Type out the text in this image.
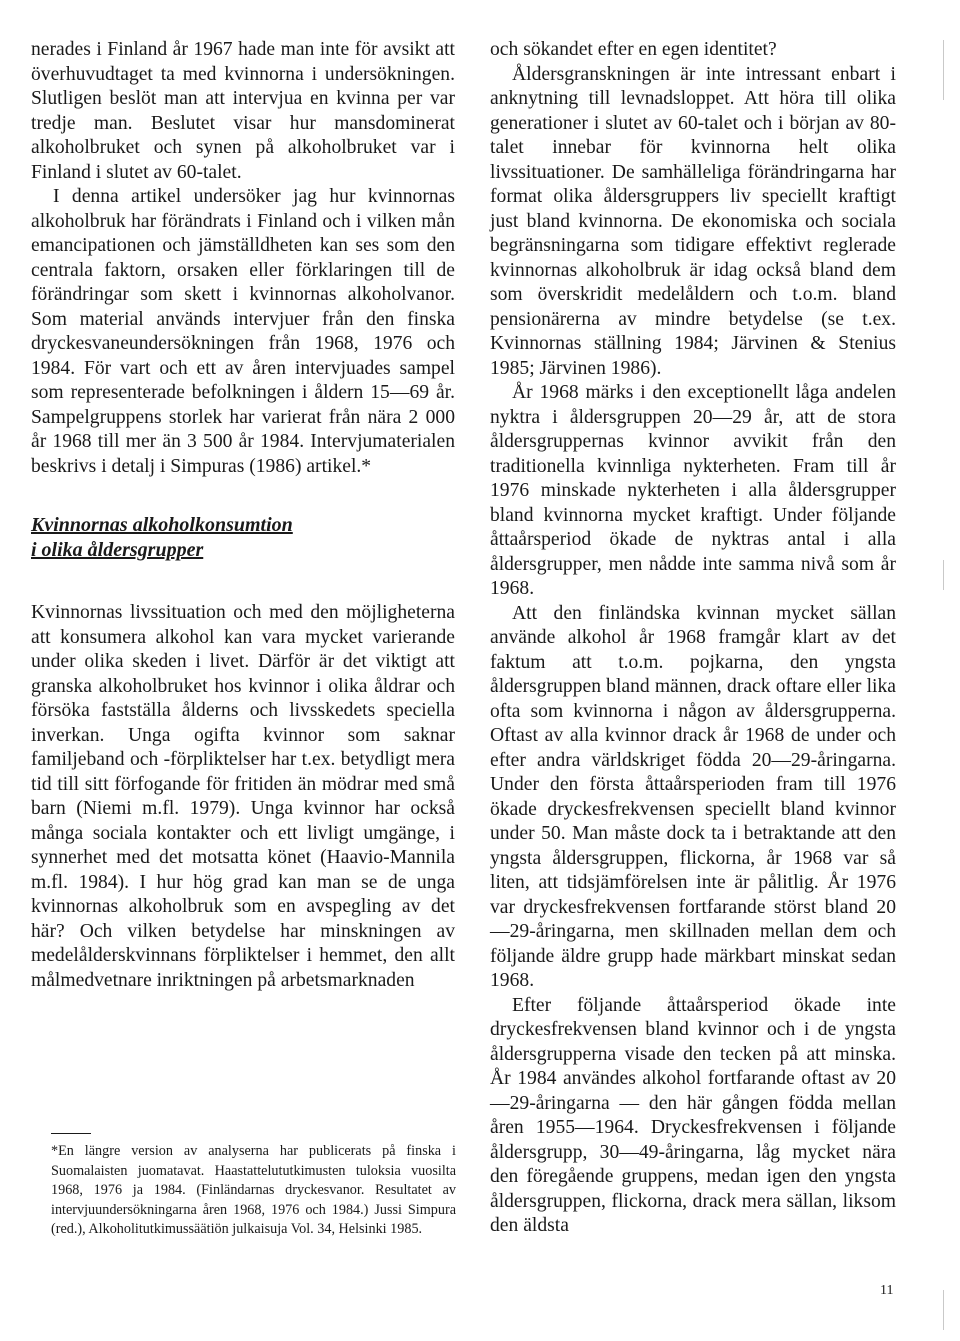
nerades i Finland år 1967 hade man inte för avsikt att överhuvudtaget ta med kvinnorna i undersökningen. Slutligen beslöt man att intervjua en kvinna per var tredje man. Beslutet visar hur mansdominerat alkoholbruket och synen på alkoholbruket var i Finland i slutet av 60-talet.

I denna artikel undersöker jag hur kvinnornas alkoholbruk har förändrats i Finland och i vilken mån emancipationen och jämställdheten kan ses som den centrala faktorn, orsaken eller förklaringen till de förändringar som skett i kvinnornas alkoholvanor. Som material används intervjuer från den finska dryckesvaneundersökningen från 1968, 1976 och 1984. För vart och ett av åren intervjuades sampel som representerade befolkningen i åldern 15—69 år. Sampelgruppens storlek har varierat från nära 2 000 år 1968 till mer än 3 500 år 1984. Intervjumaterialen beskrivs i detalj i Simpuras (1986) artikel.*

Kvinnornas alkoholkonsumtion
i olika åldersgrupper

Kvinnornas livssituation och med den möjligheterna att konsumera alkohol kan vara mycket varierande under olika skeden i livet. Därför är det viktigt att granska alkoholbruket hos kvinnor i olika åldrar och försöka fastställa ålderns och livsskedets speciella inverkan. Unga ogifta kvinnor som saknar familjeband och -förpliktelser har t.ex. betydligt mera tid till sitt förfogande för fritiden än mödrar med små barn (Niemi m.fl. 1979). Unga kvinnor har också många sociala kontakter och ett livligt umgänge, i synnerhet med det motsatta könet (Haavio-Mannila m.fl. 1984). I hur hög grad kan man se de unga kvinnornas alkoholbruk som en avspegling av det här? Och vilken betydelse har minskningen av medelålderskvinnans förpliktelser i hemmet, den allt målmedvetnare inriktningen på arbetsmarknaden

*En längre version av analyserna har publicerats på finska i Suomalaisten juomatavat. Haastattelututkimusten tuloksia vuosilta 1968, 1976 ja 1984. (Finländarnas dryckesvanor. Resultatet av intervjuundersökningarna åren 1968, 1976 och 1984.) Jussi Simpura (red.), Alkoholitutkimussäätiön julkaisuja Vol. 34, Helsinki 1985.

och sökandet efter en egen identitet?

Åldersgranskningen är inte intressant enbart i anknytning till levnadsloppet. Att höra till olika generationer i slutet av 60-talet och i början av 80-talet innebar för kvinnorna helt olika livssituationer. De samhälleliga förändringarna har format olika åldersgruppers liv speciellt kraftigt just bland kvinnorna. De ekonomiska och sociala begränsningarna som tidigare effektivt reglerade kvinnornas alkoholbruk är idag också bland dem som överskridit medelåldern och t.o.m. bland pensionärerna av mindre betydelse (se t.ex. Kvinnornas ställning 1984; Järvinen & Stenius 1985; Järvinen 1986).

År 1968 märks i den exceptionellt låga andelen nyktra i åldersgruppen 20—29 år, att de stora åldersgruppernas kvinnor avvikit från den traditionella kvinnliga nykterheten. Fram till år 1976 minskade nykterheten i alla åldersgrupper bland kvinnorna mycket kraftigt. Under följande åttaårsperiod ökade de nyktras antal i alla åldersgrupper, men nådde inte samma nivå som år 1968.

Att den finländska kvinnan mycket sällan använde alkohol år 1968 framgår klart av det faktum att t.o.m. pojkarna, den yngsta åldersgruppen bland männen, drack oftare eller lika ofta som kvinnorna i någon av åldersgrupperna. Oftast av alla kvinnor drack år 1968 de under och efter andra världskriget födda 20—29-åringarna. Under den första åttaårsperioden fram till 1976 ökade dryckesfrekvensen speciellt bland kvinnor under 50. Man måste dock ta i betraktande att den yngsta åldersgruppen, flickorna, år 1968 var så liten, att tidsjämförelsen inte är pålitlig. År 1976 var dryckesfrekvensen fortfarande störst bland 20—29-åringarna, men skillnaden mellan dem och följande äldre grupp hade märkbart minskat sedan 1968.

Efter följande åttaårsperiod ökade inte dryckesfrekvensen bland kvinnor och i de yngsta åldersgrupperna visade den tecken på att minska. År 1984 användes alkohol fortfarande oftast av 20—29-åringarna — den här gången födda mellan åren 1955—1964. Dryckesfrekvensen i följande åldersgrupp, 30—49-åringarna, låg mycket nära den föregående gruppens, medan igen den yngsta åldersgruppen, flickorna, drack mera sällan, liksom den äldsta

11
